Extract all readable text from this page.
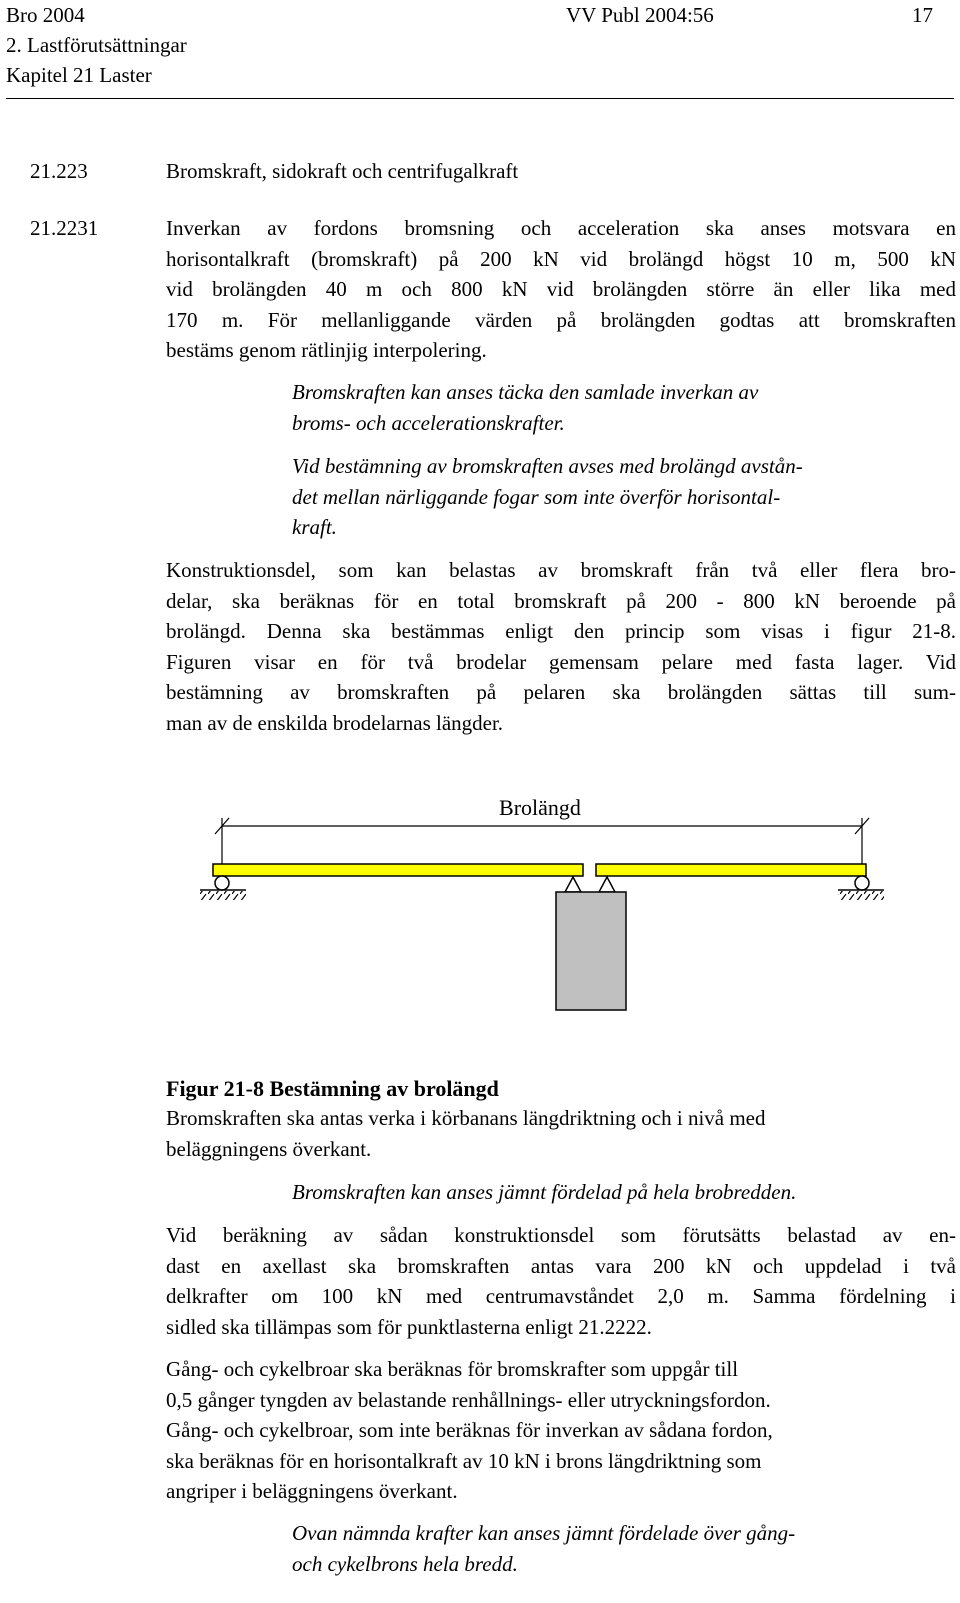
Bro 2004
2. Lastförutsättningar
Kapitel 21 Laster
VV Publ 2004:56	17
21.223	Bromskraft, sidokraft och centrifugalkraft
21.2231	Inverkan av fordons bromsning och acceleration ska anses motsvara en
horisontalkraft (bromskraft) på 200 kN vid brolängd högst 10 m, 500 kN
vid brolängden 40 m och 800 kN vid brolängden större än eller lika med
170 m. För mellanliggande värden på brolängden godtas att bromskraften
bestäms genom rätlinjig interpolering.
Bromskraften kan anses täcka den samlade inverkan av
broms- och accelerationskrafter.
Vid bestämning av bromskraften avses med brolängd avstån-
det mellan närliggande fogar som inte överför horisontal-
kraft.
Konstruktionsdel, som kan belastas av bromskraft från två eller flera bro-
delar, ska beräknas för en total bromskraft på 200 - 800 kN beroende på
brolängd. Denna ska bestämmas enligt den princip som visas i figur 21-8.
Figuren visar en för två brodelar gemensam pelare med fasta lager. Vid
bestämning av bromskraften på pelaren ska brolängden sättas till sum-
man av de enskilda brodelarnas längder.
Brolängd
Figur 21-8 Bestämning av brolängd
Bromskraften ska antas verka i körbanans längdriktning och i nivå med
beläggningens överkant.
Bromskraften kan anses jämnt fördelad på hela brobredden.
Vid beräkning av sådan konstruktionsdel som förutsätts belastad av en-
dast en axellast ska bromskraften antas vara 200 kN och uppdelad i två
delkrafter om 100 kN med centrumavståndet 2,0 m. Samma fördelning i
sidled ska tillämpas som för punktlasterna enligt 21.2222.
Gång- och cykelbroar ska beräknas för bromskrafter som uppgår till
0,5 gånger tyngden av belastande renhållnings- eller utryckningsfordon.
Gång- och cykelbroar, som inte beräknas för inverkan av sådana fordon,
ska beräknas för en horisontalkraft av 10 kN i brons längdriktning som
angriper i beläggningens överkant.
Ovan nämnda krafter kan anses jämnt fördelade över gång-
och cykelbrons hela bredd.
